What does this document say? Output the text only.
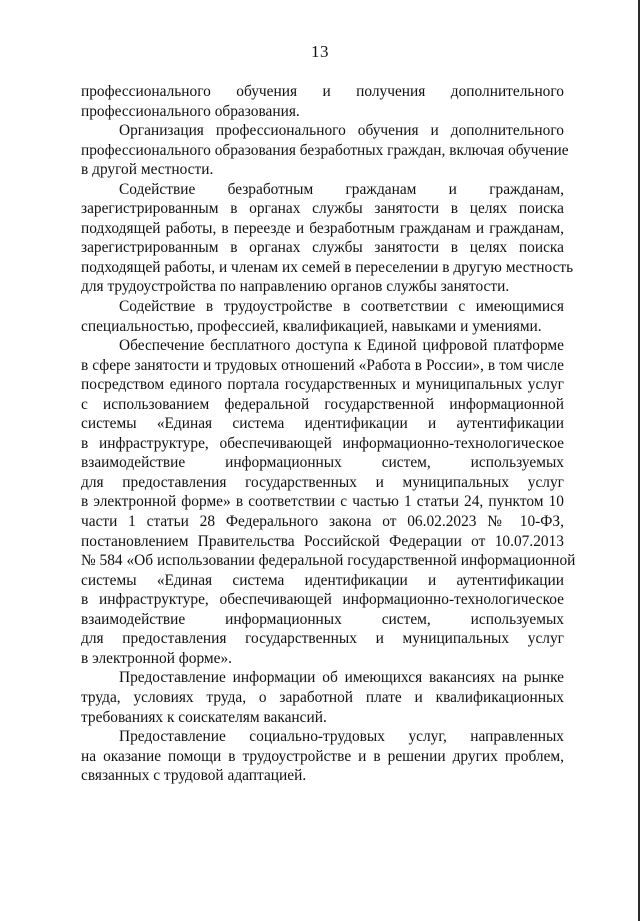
13
профессионального обучения и получения дополнительного
профессионального образования.
Организация профессионального обучения и дополнительного
профессионального образования безработных граждан, включая обучение
в другой местности.
Содействие безработным гражданам и гражданам,
зарегистрированным в органах службы занятости в целях поиска
подходящей работы, в переезде и безработным гражданам и гражданам,
зарегистрированным в органах службы занятости в целях поиска
подходящей работы, и членам их семей в переселении в другую местность
для трудоустройства по направлению органов службы занятости.
Содействие в трудоустройстве в соответствии с имеющимися
специальностью, профессией, квалификацией, навыками и умениями.
Обеспечение бесплатного доступа к Единой цифровой платформе
в сфере занятости и трудовых отношений «Работа в России», в том числе
посредством единого портала государственных и муниципальных услуг
с использованием федеральной государственной информационной
системы «Единая система идентификации и аутентификации
в инфраструктуре, обеспечивающей информационно-технологическое
взаимодействие информационных систем, используемых
для предоставления государственных и муниципальных услуг
в электронной форме» в соответствии с частью 1 статьи 24, пунктом 10
части 1 статьи 28 Федерального закона от 06.02.2023 № 10-ФЗ,
постановлением Правительства Российской Федерации от 10.07.2013
№ 584 «Об использовании федеральной государственной информационной
системы «Единая система идентификации и аутентификации
в инфраструктуре, обеспечивающей информационно-технологическое
взаимодействие информационных систем, используемых
для предоставления государственных и муниципальных услуг
в электронной форме».
Предоставление информации об имеющихся вакансиях на рынке
труда, условиях труда, о заработной плате и квалификационных
требованиях к соискателям вакансий.
Предоставление социально-трудовых услуг, направленных
на оказание помощи в трудоустройстве и в решении других проблем,
связанных с трудовой адаптацией.
